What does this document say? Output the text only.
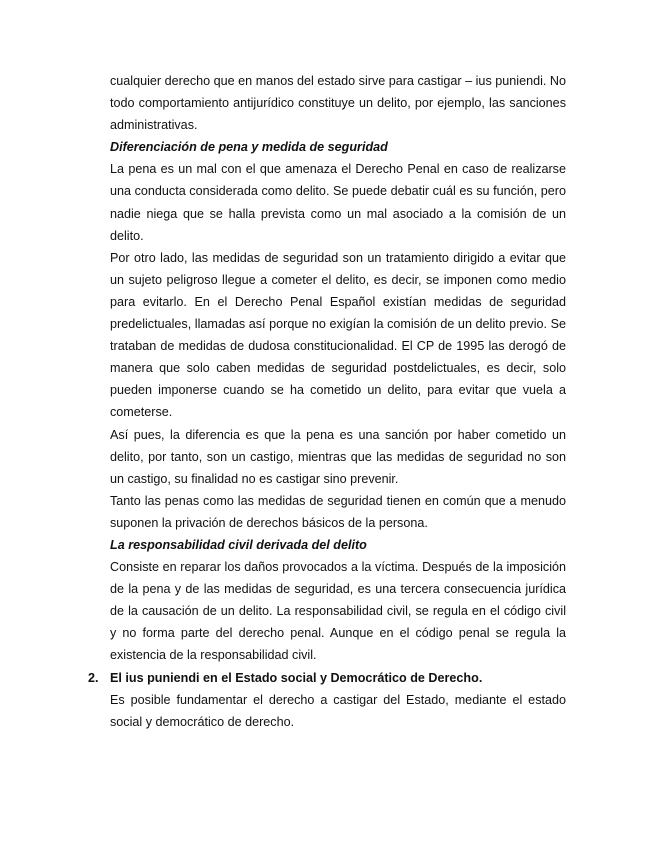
cualquier derecho que en manos del estado sirve para castigar – ius puniendi. No todo comportamiento antijurídico constituye un delito, por ejemplo, las sanciones administrativas.

Diferenciación de pena y medida de seguridad

La pena es un mal con el que amenaza el Derecho Penal en caso de realizarse una conducta considerada como delito. Se puede debatir cuál es su función, pero nadie niega que se halla prevista como un mal asociado a la comisión de un delito.

Por otro lado, las medidas de seguridad son un tratamiento dirigido a evitar que un sujeto peligroso llegue a cometer el delito, es decir, se imponen como medio para evitarlo. En el Derecho Penal Español existían medidas de seguridad predelictuales, llamadas así porque no exigían la comisión de un delito previo. Se trataban de medidas de dudosa constitucionalidad. El CP de 1995 las derogó de manera que solo caben medidas de seguridad postdelictuales, es decir, solo pueden imponerse cuando se ha cometido un delito, para evitar que vuela a cometerse.

Así pues, la diferencia es que la pena es una sanción por haber cometido un delito, por tanto, son un castigo, mientras que las medidas de seguridad no son un castigo, su finalidad no es castigar sino prevenir.

Tanto las penas como las medidas de seguridad tienen en común que a menudo suponen la privación de derechos básicos de la persona.

La responsabilidad civil derivada del delito

Consiste en reparar los daños provocados a la víctima. Después de la imposición de la pena y de las medidas de seguridad, es una tercera consecuencia jurídica de la causación de un delito. La responsabilidad civil, se regula en el código civil y no forma parte del derecho penal. Aunque en el código penal se regula la existencia de la responsabilidad civil.

2. El ius puniendi en el Estado social y Democrático de Derecho.

Es posible fundamentar el derecho a castigar del Estado, mediante el estado social y democrático de derecho.
